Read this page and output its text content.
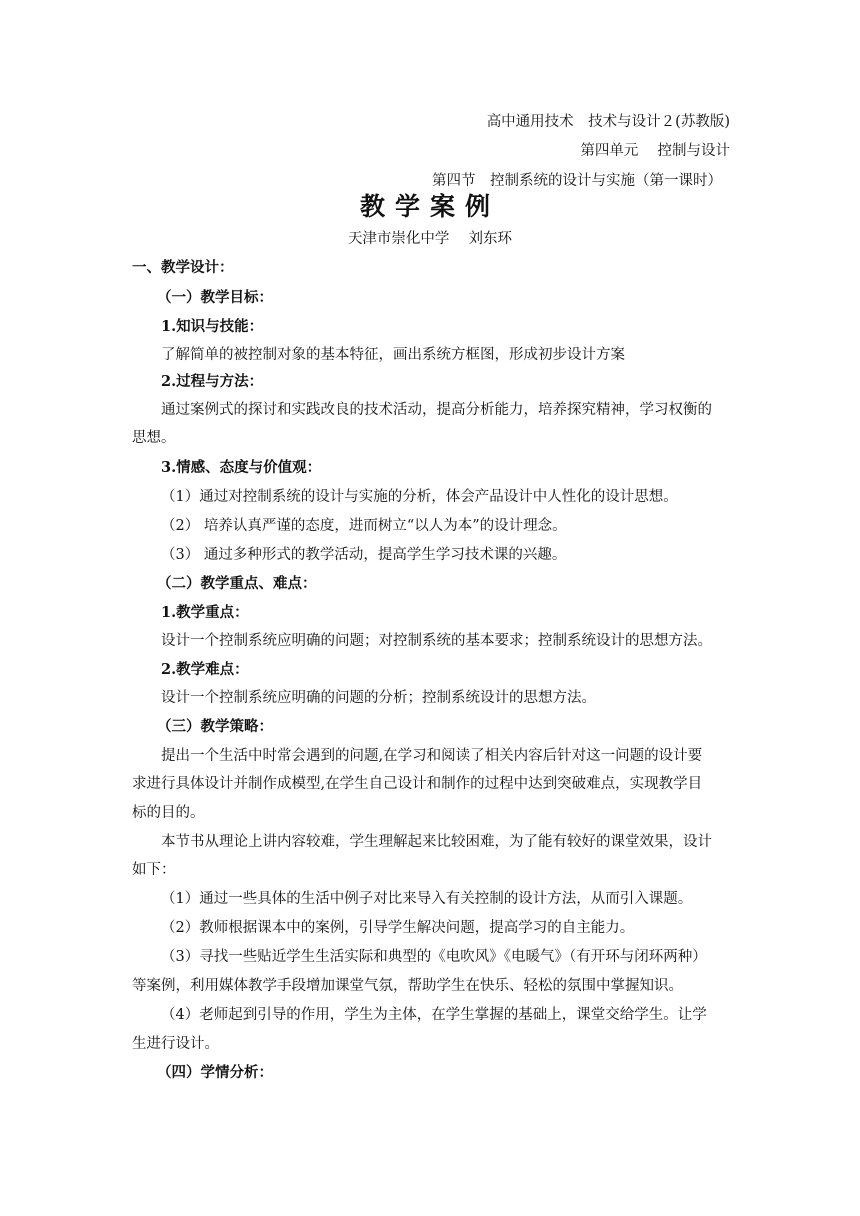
高中通用技术　技术与设计２(苏教版)
第四单元　 控制与设计
第四节　控制系统的设计与实施（第一课时）
教学案例
天津市崇化中学　 刘东环
一、教学设计：
（一）教学目标：
1.知识与技能：
了解简单的被控制对象的基本特征，画出系统方框图，形成初步设计方案
2.过程与方法：
通过案例式的探讨和实践改良的技术活动，提高分析能力，培养探究精神，学习权衡的
思想。
3.情感、态度与价值观：
（1）通过对控制系统的设计与实施的分析，体会产品设计中人性化的设计思想。
（2） 培养认真严谨的态度，进而树立“以人为本”的设计理念。
（3） 通过多种形式的教学活动，提高学生学习技术课的兴趣。
（二）教学重点、难点：
1.教学重点：
设计一个控制系统应明确的问题；对控制系统的基本要求；控制系统设计的思想方法。
2.教学难点：
设计一个控制系统应明确的问题的分析；控制系统设计的思想方法。
（三）教学策略：
提出一个生活中时常会遇到的问题,在学习和阅读了相关内容后针对这一问题的设计要
求进行具体设计并制作成模型,在学生自己设计和制作的过程中达到突破难点，实现教学目
标的目的。
本节书从理论上讲内容较难，学生理解起来比较困难，为了能有较好的课堂效果，设计
如下：
（1）通过一些具体的生活中例子对比来导入有关控制的设计方法，从而引入课题。
（2）教师根据课本中的案例，引导学生解决问题，提高学习的自主能力。
（3）寻找一些贴近学生生活实际和典型的《电吹风》《电暖气》（有开环与闭环两种）
等案例，利用媒体教学手段增加课堂气氛，帮助学生在快乐、轻松的氛围中掌握知识。
（4）老师起到引导的作用，学生为主体，在学生掌握的基础上，课堂交给学生。让学
生进行设计。
（四）学情分析：
